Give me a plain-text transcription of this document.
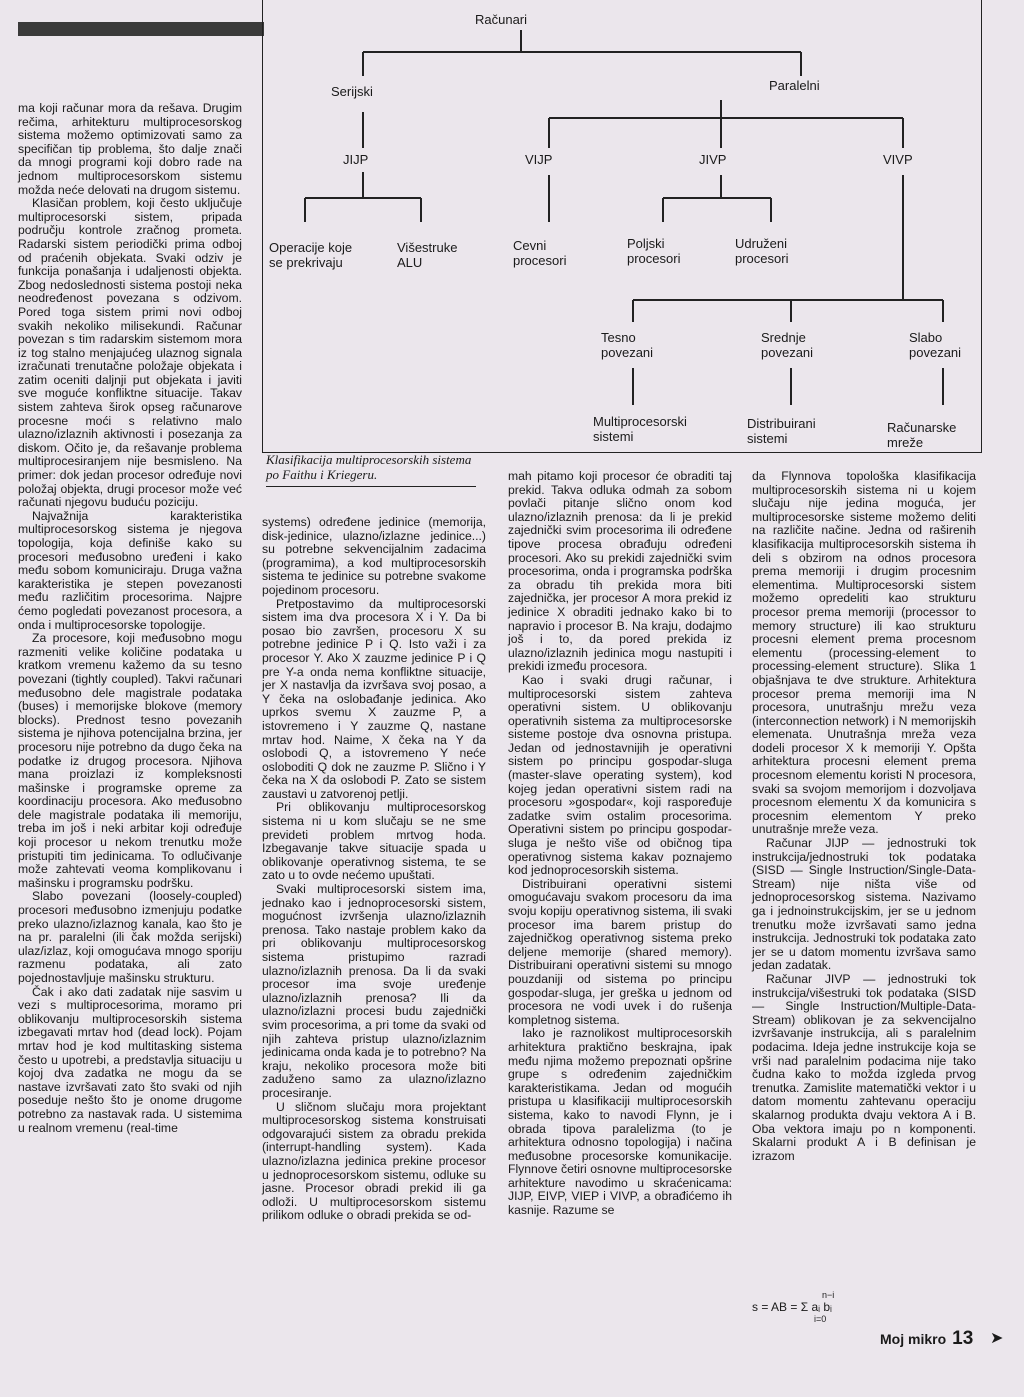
Računari
Serijski	Paralelni
JIJP	VIJP	JIVP	VIVP
Operacije koje
se prekrivaju
Višestruke
ALU
Cevni
procesori
Poljski
procesori
Udruženi
procesori
Tesno
povezani
Srednje
povezani
Slabo
povezani
Multiprocesorski
sistemi
Distribuirani
sistemi
Računarske
mreže
Klasifikacija multiprocesorskih sistema po Faithu i Kriegeru.

ma koji računar mora da rešava. Drugim rečima, arhitekturu multiprocesorskog sistema možemo optimizovati samo za specifičan tip problema, što dalje znači da mnogi programi koji dobro rade na jednom multiprocesorskom sistemu možda neće delovati na drugom sistemu.

Klasičan problem, koji često uključuje multiprocesorski sistem, pripada području kontrole zračnog prometa. Radarski sistem periodički prima odboj od praćenih objekata. Svaki odziv je funkcija ponašanja i udaljenosti objekta. Zbog nedoslednosti sistema postoji neka neodređenost povezana s odzivom. Pored toga sistem primi novi odboj svakih nekoliko milisekundi. Računar povezan s tim radarskim sistemom mora iz tog stalno menjajućeg ulaznog signala izračunati trenutačne položaje objekata i zatim oceniti daljnji put objekata i javiti sve moguće konfliktne situacije. Takav sistem zahteva širok opseg računarove procesne moći s relativno malo ulazno/izlaznih aktivnosti i posezanja za diskom. Očito je, da rešavanje problema multiprocesiranjem nije besmisleno. Na primer: dok jedan procesor određuje novi položaj objekta, drugi procesor može već računati njegovu buduću poziciju.

Najvažnija karakteristika multiprocesorskog sistema je njegova topologija, koja definiše kako su procesori međusobno uređeni i kako među sobom komuniciraju. Druga važna karakteristika je stepen povezanosti među različitim procesorima. Najpre ćemo pogledati povezanost procesora, a onda i multiprocesorske topologije.

Za procesore, koji međusobno mogu razmeniti velike količine podataka u kratkom vremenu kažemo da su tesno povezani (tightly coupled). Takvi računari međusobno dele magistrale podataka (buses) i memorijske blokove (memory blocks). Prednost tesno povezanih sistema je njihova potencijalna brzina, jer procesoru nije potrebno da dugo čeka na podatke iz drugog procesora. Njihova mana proizlazi iz kompleksnosti mašinske i programske opreme za koordinaciju procesora. Ako međusobno dele magistrale podataka ili memoriju, treba im još i neki arbitar koji određuje koji procesor u nekom trenutku može pristupiti tim jedinicama. To odlučivanje može zahtevati veoma komplikovanu i mašinsku i programsku podršku.

Slabo povezani (loosely-coupled) procesori međusobno izmenjuju podatke preko ulazno/izlaznog kanala, kao što je na pr. paralelni (ili čak možda serijski) ulaz/izlaz, koji omogućava mnogo sporiju razmenu podataka, ali zato pojednostavljuje mašinsku strukturu.

Čak i ako dati zadatak nije sasvim u vezi s multiprocesorima, moramo pri oblikovanju multiprocesorskih sistema izbegavati mrtav hod (dead lock). Pojam mrtav hod je kod multitasking sistema često u upotrebi, a predstavlja situaciju u kojoj dva zadatka ne mogu da se nastave izvršavati zato što svaki od njih poseduje nešto što je onome drugome potrebno za nastavak rada. U sistemima u realnom vremenu (real-time

systems) određene jedinice (memorija, disk-jedinice, ulazno/izlazne jedinice...) su potrebne sekvencijalnim zadacima (programima), a kod multiprocesorskih sistema te jedinice su potrebne svakome pojedinom procesoru.

Pretpostavimo da multiprocesorski sistem ima dva procesora X i Y. Da bi posao bio završen, procesoru X su potrebne jedinice P i Q. Isto važi i za procesor Y. Ako X zauzme jedinice P i Q pre Y-a onda nema konfliktne situacije, jer X nastavlja da izvršava svoj posao, a Y čeka na oslobađanje jedinica. Ako uprkos svemu X zauzme P, a istovremeno i Y zauzme Q, nastane mrtav hod. Naime, X čeka na Y da oslobodi Q, a istovremeno Y neće osloboditi Q dok ne zauzme P. Slično i Y čeka na X da oslobodi P. Zato se sistem zaustavi u zatvorenoj petlji.

Pri oblikovanju multiprocesorskog sistema ni u kom slučaju se ne sme prevideti problem mrtvog hoda. Izbegavanje takve situacije spada u oblikovanje operativnog sistema, te se zato u to ovde nećemo upuštati.

Svaki multiprocesorski sistem ima, jednako kao i jednoprocesorski sistem, mogućnost izvršenja ulazno/izlaznih prenosa. Tako nastaje problem kako da pri oblikovanju multiprocesorskog sistema pristupimo razradi ulazno/izlaznih prenosa. Da li da svaki procesor ima svoje uređenje ulazno/izlaznih prenosa? Ili da ulazno/izlazni procesi budu zajednički svim procesorima, a pri tome da svaki od njih zahteva pristup ulazno/izlaznim jedinicama onda kada je to potrebno? Na kraju, nekoliko procesora može biti zaduženo samo za ulazno/izlazno procesiranje.

U sličnom slučaju mora projektant multiprocesorskog sistema konstruisati odgovarajući sistem za obradu prekida (interrupt-handling system). Kada ulazno/izlazna jedinica prekine procesor u jednoprocesorskom sistemu, odluke su jasne. Procesor obradi prekid ili ga odloži. U multiprocesorskom sistemu prilikom odluke o obradi prekida se od-

mah pitamo koji procesor će obraditi taj prekid. Takva odluka odmah za sobom povlači pitanje slično onom kod ulazno/izlaznih prenosa: da li je prekid zajednički svim procesorima ili određene tipove procesa obrađuju određeni procesori. Ako su prekidi zajednički svim procesorima, onda i programska podrška za obradu tih prekida mora biti zajednička, jer procesor A mora prekid iz jedinice X obraditi jednako kako bi to napravio i procesor B. Na kraju, dodajmo još i to, da pored prekida iz ulazno/izlaznih jedinica mogu nastupiti i prekidi između procesora.

Kao i svaki drugi računar, i multiprocesorski sistem zahteva operativni sistem. U oblikovanju operativnih sistema za multiprocesorske sisteme postoje dva osnovna pristupa. Jedan od jednostavnijih je operativni sistem po principu gospodar-sluga (master-slave operating system), kod kojeg jedan operativni sistem radi na procesoru »gospodar«, koji raspoređuje zadatke svim ostalim procesorima. Operativni sistem po principu gospodar-sluga je nešto više od običnog tipa operativnog sistema kakav poznajemo kod jednoprocesorskih sistema.

Distribuirani operativni sistemi omogućavaju svakom procesoru da ima svoju kopiju operativnog sistema, ili svaki procesor ima barem pristup do zajedničkog operativnog sistema preko deljene memorije (shared memory). Distribuirani operativni sistemi su mnogo pouzdaniji od sistema po principu gospodar-sluga, jer greška u jednom od procesora ne vodi uvek i do rušenja kompletnog sistema.

Iako je raznolikost multiprocesorskih arhitektura praktično beskrajna, ipak među njima možemo prepoznati opšrine grupe s određenim zajedničkim karakteristikama. Jedan od mogućih pristupa u klasifikaciji multiprocesorskih sistema, kako to navodi Flynn, je i obrada tipova paralelizma (to je arhitektura odnosno topologija) i načina međusobne procesorske komunikacije. Flynnove četiri osnovne multiprocesorske arhitekture navodimo u skraćenicama: JIJP, EIVP, VIEP i VIVP, a obrađićemo ih kasnije. Razume se

da Flynnova topološka klasifikacija multiprocesorskih sistema ni u kojem slučaju nije jedina moguća, jer multiprocesorske sisteme možemo deliti na različite načine. Jedna od raširenih klasifikacija multiprocesorskih sistema ih deli s obzirom na odnos procesora prema memoriji i drugim procesnim elementima. Multiprocesorski sistem možemo opredeliti kao strukturu procesor prema memoriji (processor to memory structure) ili kao strukturu procesni element prema procesnom elementu (processing-element to processing-element structure). Slika 1 objašnjava te dve strukture. Arhitektura procesor prema memoriji ima N procesora, unutrašnju mrežu veza (interconnection network) i N memorijskih elemenata. Unutrašnja mreža veza dodeli procesor X k memoriji Y. Opšta arhitektura procesni element prema procesnom elementu koristi N procesora, svaki sa svojom memorijom i dozvoljava procesnom elementu X da komunicira s procesnim elementom Y preko unutrašnje mreže veza.

Računar JIJP — jednostruki tok instrukcija/jednostruki tok podataka (SISD — Single Instruction/Single-Data-Stream) nije ništa više od jednoprocesorskog sistema. Nazivamo ga i jednoinstrukcijskim, jer se u jednom trenutku može izvršavati samo jedna instrukcija. Jednostruki tok podataka zato jer se u datom momentu izvršava samo jedan zadatak.

Računar JIVP — jednostruki tok instrukcija/višestruki tok podataka (SISD — Single Instruction/Multiple-Data-Stream) oblikovan je za sekvencijalno izvršavanje instrukcija, ali s paralelnim podacima. Ideja jedne instrukcije koja se vrši nad paralelnim podacima nije tako čudna kako to možda izgleda prvog trenutka. Zamislite matematički vektor i u datom momentu zahtevanu operaciju skalarnog produkta dvaju vektora A i B. Oba vektora imaju po n komponenti. Skalarni produkt A i B definisan je izrazom

n−i
s = AB = Σ aᵢ bᵢ
i=0
➤
Moj mikro 13
